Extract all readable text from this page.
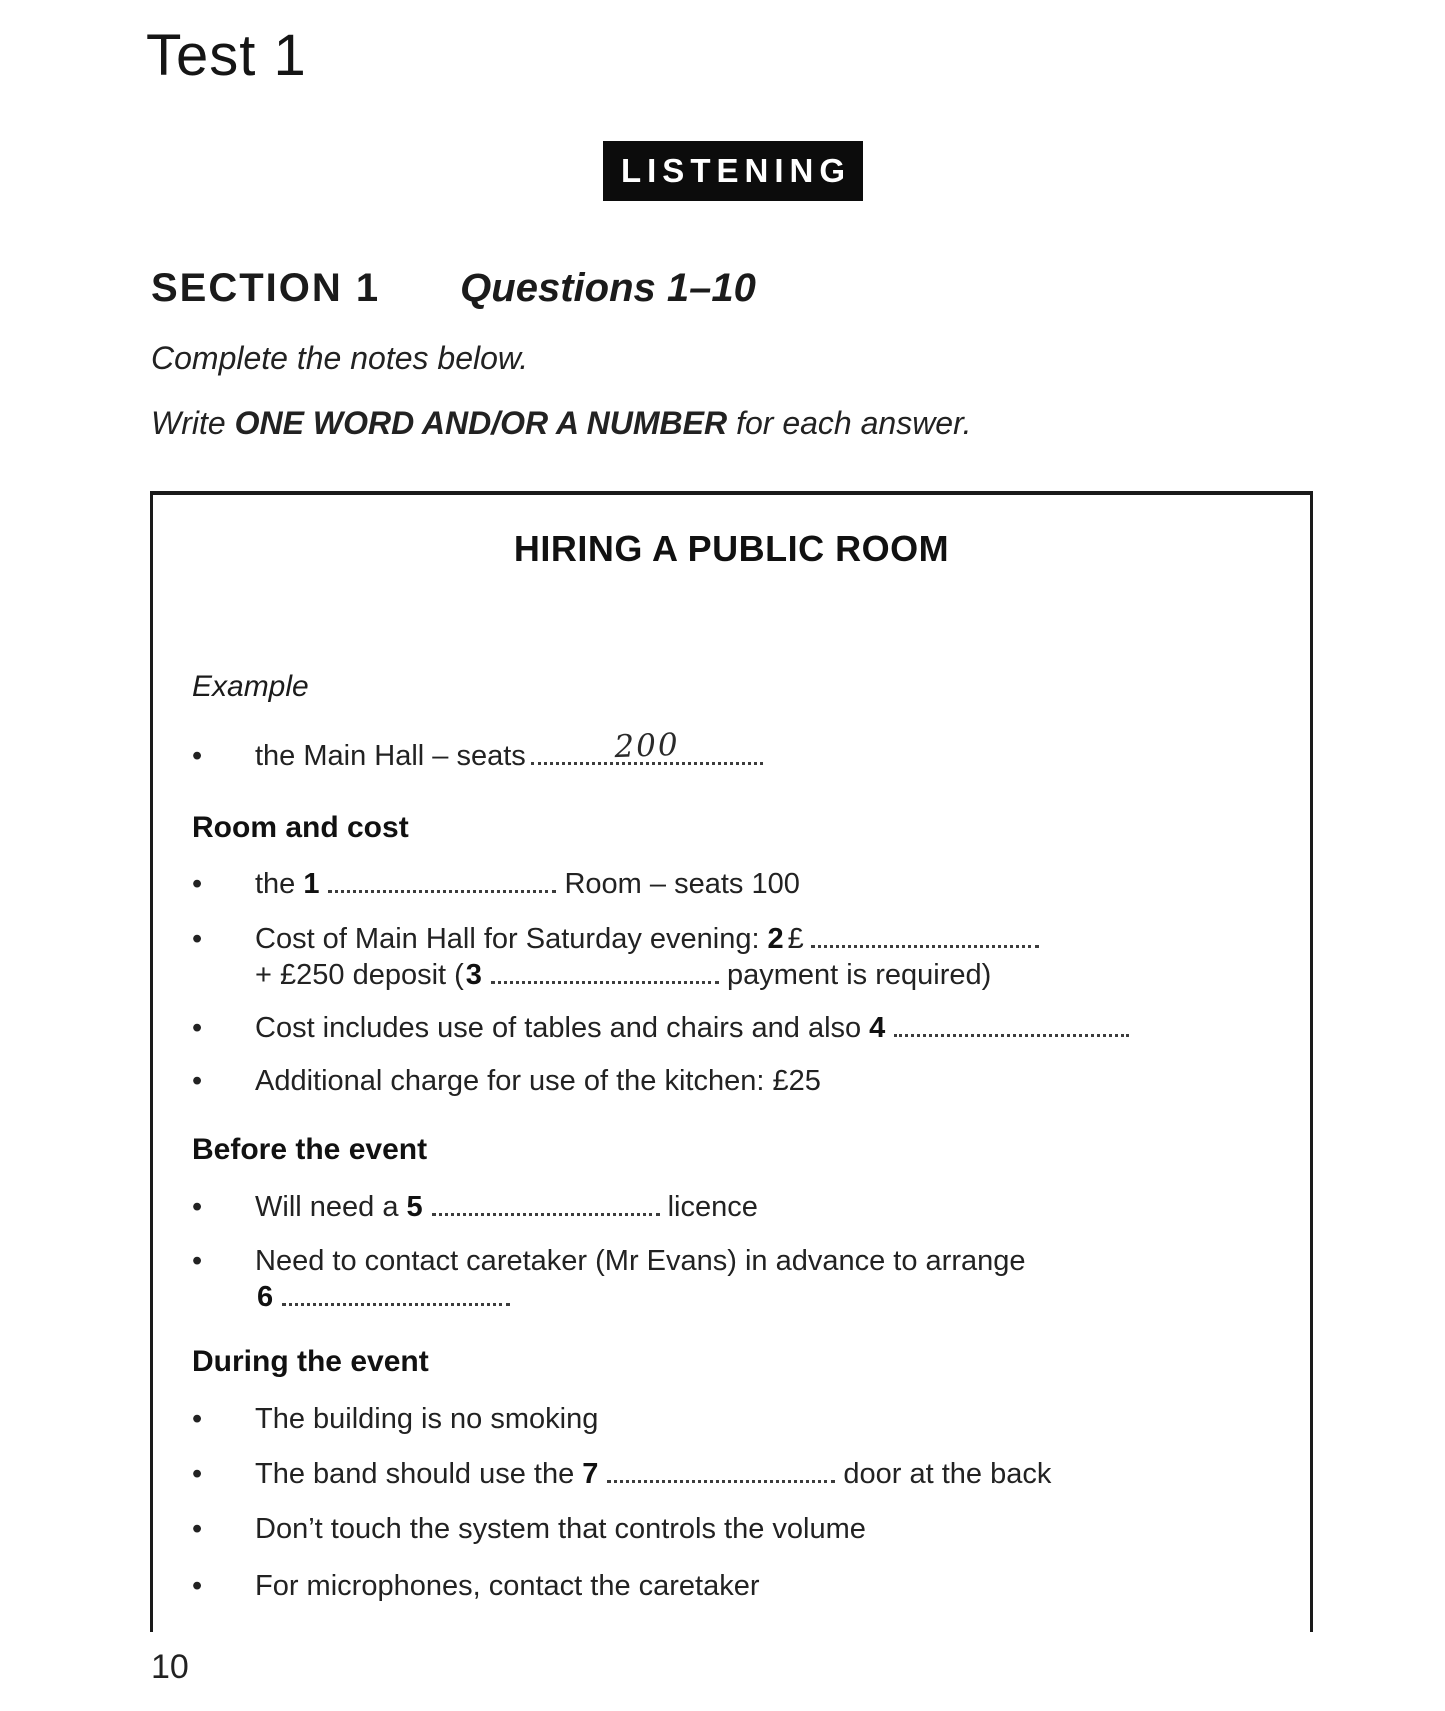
Test 1
LISTENING
SECTION 1 Questions 1–10
Complete the notes below.
Write ONE WORD AND/OR A NUMBER for each answer.
HIRING A PUBLIC ROOM
Example
•	the Main Hall – seats	200
Room and cost
•	the 1	Room – seats 100
•	Cost of Main Hall for Saturday evening: 2 £
+ £250 deposit (3	payment is required)
•	Cost includes use of tables and chairs and also 4
•	Additional charge for use of the kitchen: £25
Before the event
•	Will need a 5	licence
•	Need to contact caretaker (Mr Evans) in advance to arrange
6
During the event
•	The building is no smoking
•	The band should use the 7	door at the back
•	Don’t touch the system that controls the volume
•	For microphones, contact the caretaker
10
